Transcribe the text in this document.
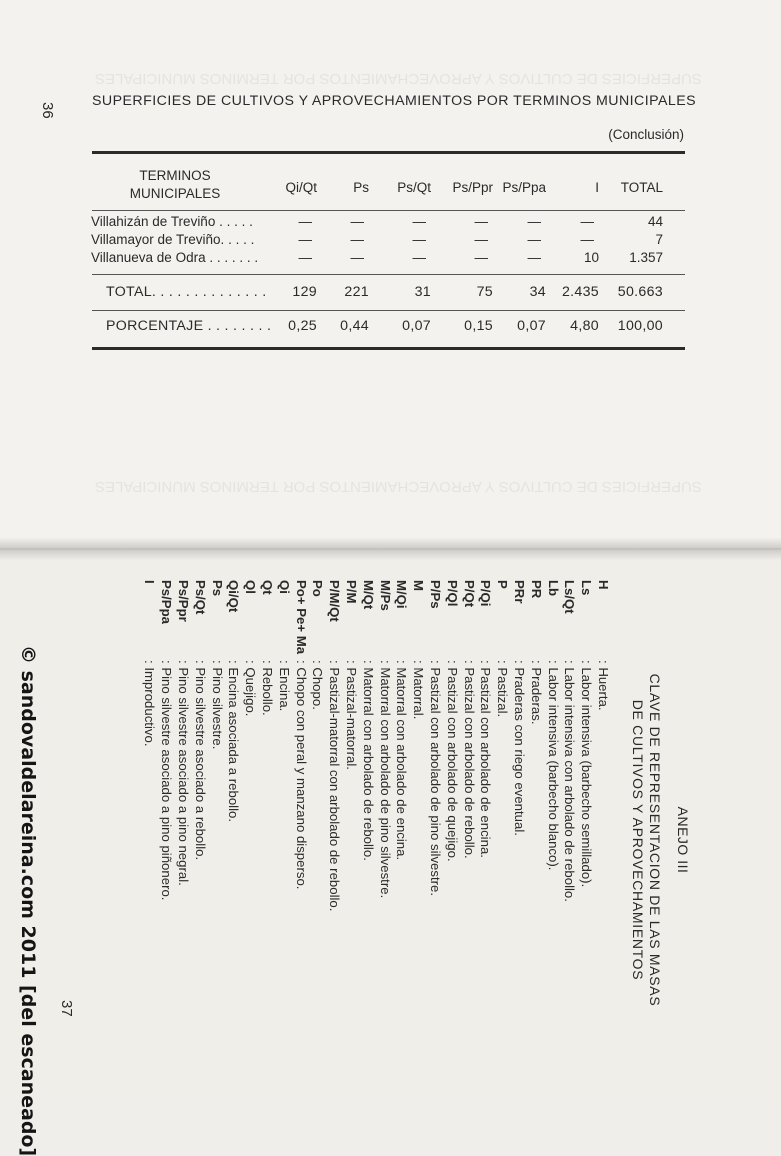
SUPERFICIES DE CULTIVOS Y APROVECHAMIENTOS POR TERMINOS MUNICIPALES
SUPERFICIES DE CULTIVOS Y APROVECHAMIENTOS POR TERMINOS MUNICIPALES
36
SUPERFICIES DE CULTIVOS Y APROVECHAMIENTOS POR TERMINOS MUNICIPALES
(Conclusión)
TERMINOS
MUNICIPALES	Qi/Qt	Ps	Ps/Qt	Ps/Ppr Ps/Ppa	I	TOTAL
Villahizán de Treviño . . . . .	—	—	—	—	—	—	44
Villamayor de Treviño. . . . .	—	—	—	—	—	—	7
Villanueva de Odra . . . . . . .	—	—	—	—	—	10	1.357
TOTAL. . . . . . . . . . . . . .	129	221	31	75	34	2.435	50.663
PORCENTAJE . . . . . . . .	0,25	0,44	0,07	0,15	0,07	4,80	100,00
ANEJO III
CLAVE DE REPRESENTACION DE LAS MASAS
DE CULTIVOS Y APROVECHAMIENTOS
H
: Huerta.
Ls
: Labor intensiva (barbecho semillado).
Ls/Qt
: Labor intensiva con arbolado de rebollo.
Lb
: Labor intensiva (barbecho blanco).
PR
: Praderas.
PRr
: Praderas con riego eventual.
P
: Pastizal.
P/Qi
: Pastizal con arbolado de encina.
P/Qt
: Pastizal con arbolado de rebollo.
P/Ql
: Pastizal con arbolado de quejigo.
P/Ps
: Pastizal con arbolado de pino silvestre.
M
: Matorral.
M/Qi
: Matorral con arbolado de encina.
M/Ps
: Matorral con arbolado de pino silvestre.
M/Qt
: Matorral con arbolado de rebollo.
P/M
: Pastizal-matorral.
P/M/Qt
: Pastizal-matorral con arbolado de rebollo.
Po
: Chopo.
Po+ Pe+ Ma
: Chopo con peral y manzano disperso.
Qi
: Encina.
Qt
: Rebollo.
Ql
: Quejigo.
Qi/Qt
: Encina asociada a rebollo.
Ps
: Pino silvestre.
Ps/Qt
: Pino silvestre asociado a rebollo.
Ps/Ppr
: Pino silvestre asociado a pino negral.
Ps/Ppa
: Pino silvestre asociado a pino piñonero.
I
: Improductivo.
© sandovaldelareina.com 2011 [del escaneado] 37
